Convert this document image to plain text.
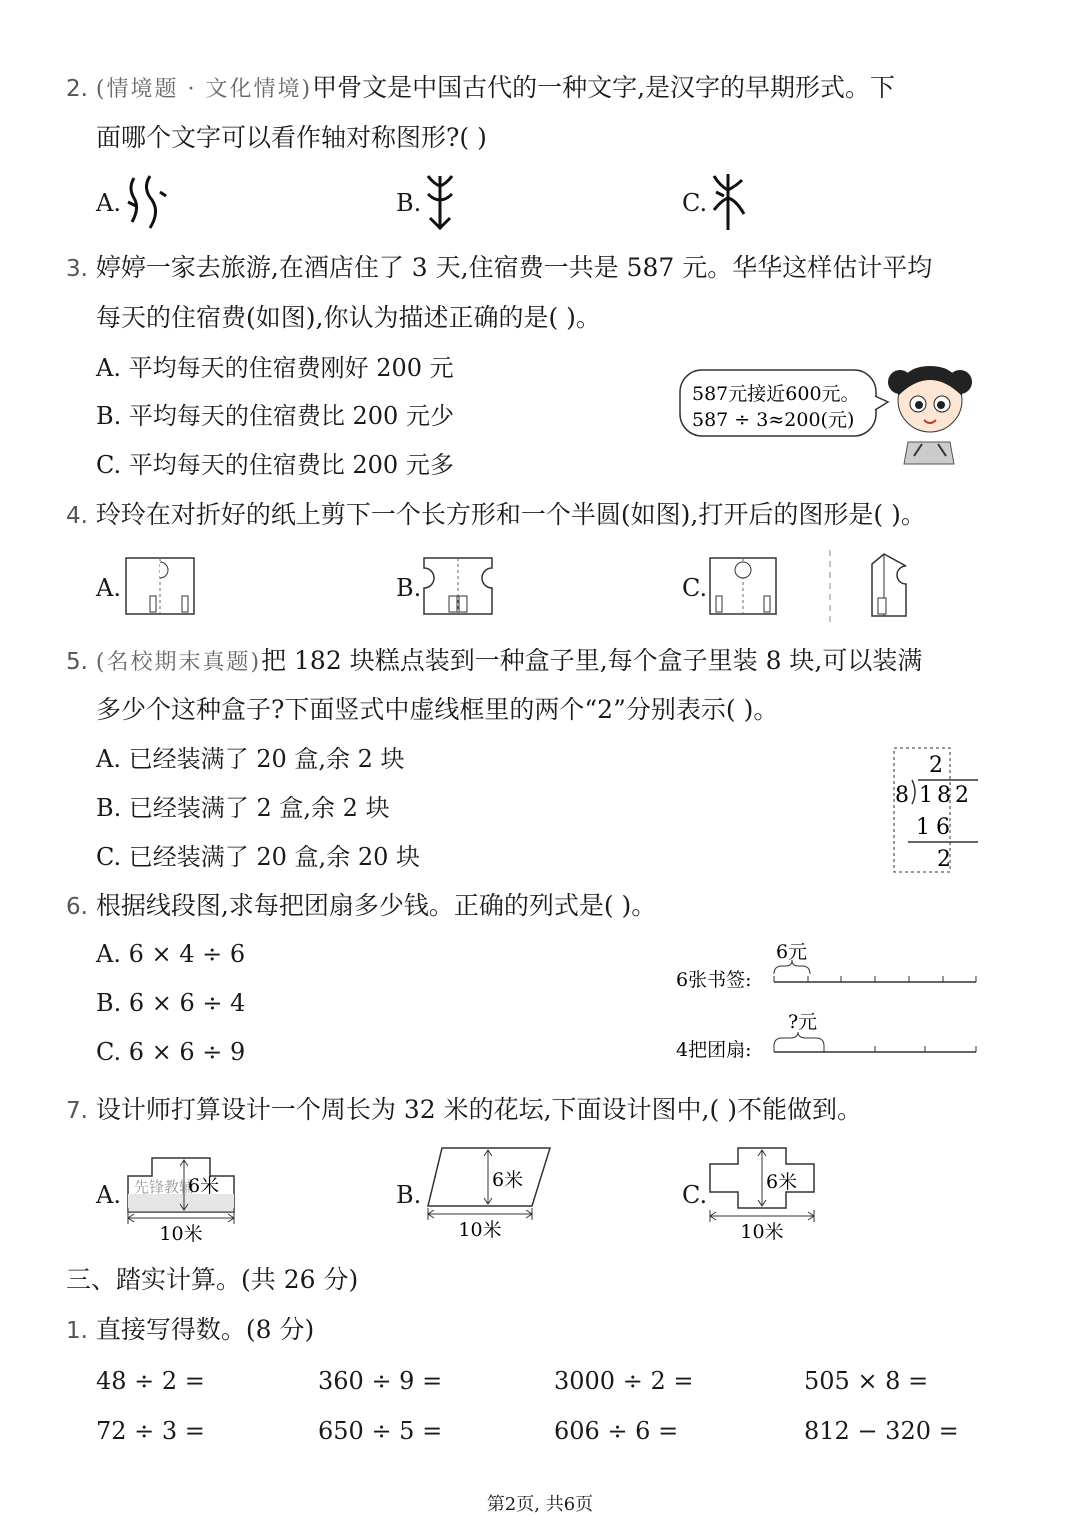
2. (情境题 · 文化情境)甲骨文是中国古代的一种文字,是汉字的早期形式。下
面哪个文字可以看作轴对称图形?( )
A.	B.	C.
3. 婷婷一家去旅游,在酒店住了 3 天,住宿费一共是 587 元。华华这样估计平均
每天的住宿费(如图),你认为描述正确的是( )。
A. 平均每天的住宿费刚好 200 元
B. 平均每天的住宿费比 200 元少
C. 平均每天的住宿费比 200 元多
587元接近600元。
587 ÷ 3≈200(元)
4. 玲玲在对折好的纸上剪下一个长方形和一个半圆(如图),打开后的图形是( )。
A.	B.	C.
5. (名校期末真题)把 182 块糕点装到一种盒子里,每个盒子里装 8 块,可以装满
多少个这种盒子?下面竖式中虚线框里的两个“2”分别表示( )。
A. 已经装满了 20 盒,余 2 块
B. 已经装满了 2 盒,余 2 块
C. 已经装满了 20 盒,余 20 块
2
8 182
16
2
6. 根据线段图,求每把团扇多少钱。正确的列式是( )。
A. 6 × 4 ÷ 6
B. 6 × 6 ÷ 4
C. 6 × 6 ÷ 9
6张书签:
6元
4把团扇:
?元
7. 设计师打算设计一个周长为 32 米的花坛,下面设计图中,( )不能做到。
A. 先锋教辅
6米
10米
B.
6米
10米
C.	6米
10米
三、踏实计算。(共 26 分)
1. 直接写得数。(8 分)
48 ÷ 2 =	360 ÷ 9 =	3000 ÷ 2 =	505 × 8 =
72 ÷ 3 =	650 ÷ 5 =	606 ÷ 6 =	812 − 320 =
第2页, 共6页
